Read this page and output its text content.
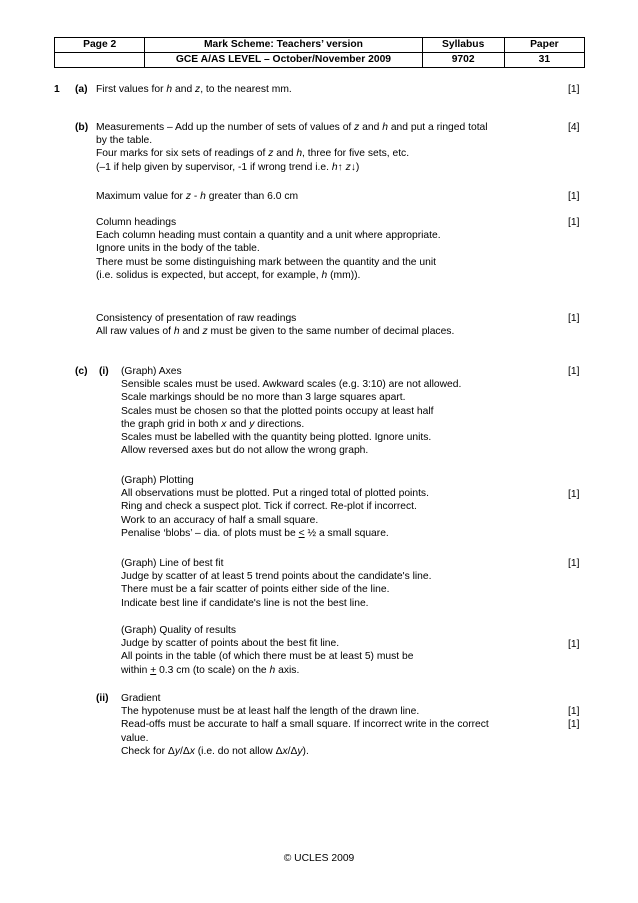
Page 2	Mark Scheme: Teachers’ version	Syllabus	Paper
	GCE A/AS LEVEL – October/November 2009	9702	31
1 (a) First values for h and z, to the nearest mm.	[1]
(b) Measurements – Add up the number of sets of values of z and h and put a ringed total
by the table.
Four marks for six sets of readings of z and h, three for five sets, etc.
(–1 if help given by supervisor, -1 if wrong trend i.e. h↑ z↓)
[4]
Maximum value for z - h greater than 6.0 cm	[1]
Column headings
Each column heading must contain a quantity and a unit where appropriate.
Ignore units in the body of the table.
There must be some distinguishing mark between the quantity and the unit
(i.e. solidus is expected, but accept, for example, h (mm)).
[1]
Consistency of presentation of raw readings
All raw values of h and z must be given to the same number of decimal places.
[1]
(c) (i) (Graph) Axes
Sensible scales must be used. Awkward scales (e.g. 3:10) are not allowed.
Scale markings should be no more than 3 large squares apart.
Scales must be chosen so that the plotted points occupy at least half
the graph grid in both x and y directions.
Scales must be labelled with the quantity being plotted. Ignore units.
Allow reversed axes but do not allow the wrong graph.
[1]
(Graph) Plotting
All observations must be plotted. Put a ringed total of plotted points.
Ring and check a suspect plot. Tick if correct. Re-plot if incorrect.
Work to an accuracy of half a small square.
Penalise ‘blobs’ – dia. of plots must be < ½ a small square.
[1]
(Graph) Line of best fit
Judge by scatter of at least 5 trend points about the candidate's line.
There must be a fair scatter of points either side of the line.
Indicate best line if candidate's line is not the best line.
[1]
(Graph) Quality of results
Judge by scatter of points about the best fit line.
All points in the table (of which there must be at least 5) must be
within + 0.3 cm (to scale) on the h axis.
[1]
(ii) Gradient
The hypotenuse must be at least half the length of the drawn line.
Read-offs must be accurate to half a small square. If incorrect write in the correct
value.
Check for Δy/Δx (i.e. do not allow Δx/Δy).
[1]
[1]
© UCLES 2009
